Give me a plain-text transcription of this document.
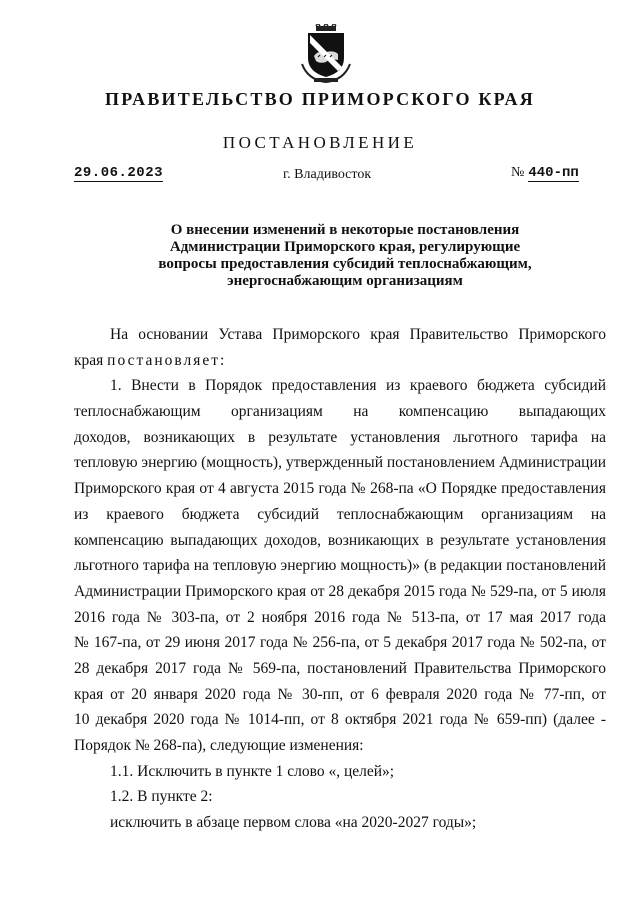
ПРАВИТЕЛЬСТВО ПРИМОРСКОГО КРАЯ
ПОСТАНОВЛЕНИЕ
29.06.2023	г. Владивосток	№ 440-пп
О внесении изменений в некоторые постановления
Администрации Приморского края, регулирующие
вопросы предоставления субсидий теплоснабжающим,
энергоснабжающим организациям
На основании Устава Приморского края Правительство Приморского
края постановляет:
1. Внести в Порядок предоставления из краевого бюджета субсидий
теплоснабжающим организациям на компенсацию выпадающих
доходов, возникающих в результате установления льготного тарифа на
тепловую энергию (мощность), утвержденный постановлением Администрации
Приморского края от 4 августа 2015 года № 268-па «О Порядке предоставления
из краевого бюджета субсидий теплоснабжающим организациям на
компенсацию выпадающих доходов, возникающих в результате установления
льготного тарифа на тепловую энергию мощность)» (в редакции постановлений
Администрации Приморского края от 28 декабря 2015 года № 529-па, от 5 июля
2016 года № 303-па, от 2 ноября 2016 года № 513-па, от 17 мая 2017 года
№ 167-па, от 29 июня 2017 года № 256-па, от 5 декабря 2017 года № 502-па, от
28 декабря 2017 года № 569-па, постановлений Правительства Приморского
края от 20 января 2020 года № 30-пп, от 6 февраля 2020 года № 77-пп, от
10 декабря 2020 года № 1014-пп, от 8 октября 2021 года № 659-пп) (далее -
Порядок № 268-па), следующие изменения:
1.1. Исключить в пункте 1 слово «, целей»;
1.2. В пункте 2:
исключить в абзаце первом слова «на 2020-2027 годы»;
